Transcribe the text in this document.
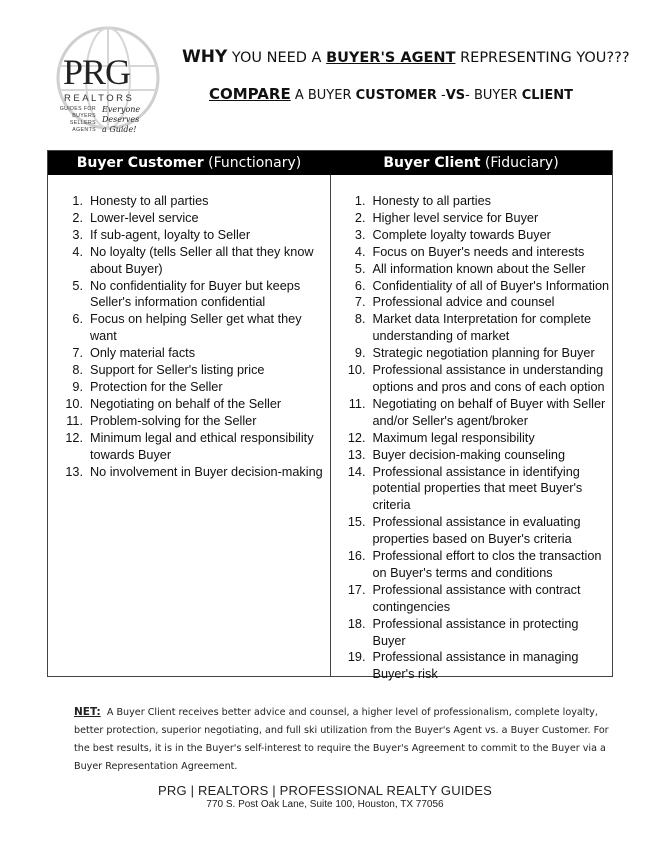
PRG
REALTORS
GUIDES FOR
BUYERS
SELLERS
AGENTS
Everyone
Deserves
a Guide!
WHY YOU NEED A BUYER'S AGENT REPRESENTING YOU???
COMPARE A BUYER CUSTOMER -VS- BUYER CLIENT
Buyer Customer (Functionary)	Buyer Client (Fiduciary)
1. Honesty to all parties
2. Lower-level service
3. If sub-agent, loyalty to Seller
4. No loyalty (tells Seller all that they know about Buyer)
5. No confidentiality for Buyer but keeps Seller's information confidential
6. Focus on helping Seller get what they want
7. Only material facts
8. Support for Seller's listing price
9. Protection for the Seller
10. Negotiating on behalf of the Seller
11. Problem-solving for the Seller
12. Minimum legal and ethical responsibility towards Buyer
13. No involvement in Buyer decision-making
1. Honesty to all parties
2. Higher level service for Buyer
3. Complete loyalty towards Buyer
4. Focus on Buyer's needs and interests
5. All information known about the Seller
6. Confidentiality of all of Buyer's Information
7. Professional advice and counsel
8. Market data Interpretation for complete understanding of market
9. Strategic negotiation planning for Buyer
10. Professional assistance in understanding options and pros and cons of each option
11. Negotiating on behalf of Buyer with Seller and/or Seller's agent/broker
12. Maximum legal responsibility
13. Buyer decision-making counseling
14. Professional assistance in identifying potential properties that meet Buyer's criteria
15. Professional assistance in evaluating properties based on Buyer's criteria
16. Professional effort to clos the transaction on Buyer's terms and conditions
17. Professional assistance with contract contingencies
18. Professional assistance in protecting Buyer
19. Professional assistance in managing Buyer's risk
NET: A Buyer Client receives better advice and counsel, a higher level of professionalism, complete loyalty, better protection, superior negotiating, and full ski utilization from the Buyer's Agent vs. a Buyer Customer. For the best results, it is in the Buyer's self-interest to require the Buyer's Agreement to commit to the Buyer via a Buyer Representation Agreement.
PRG | REALTORS | PROFESSIONAL REALTY GUIDES
770 S. Post Oak Lane, Suite 100, Houston, TX 77056
